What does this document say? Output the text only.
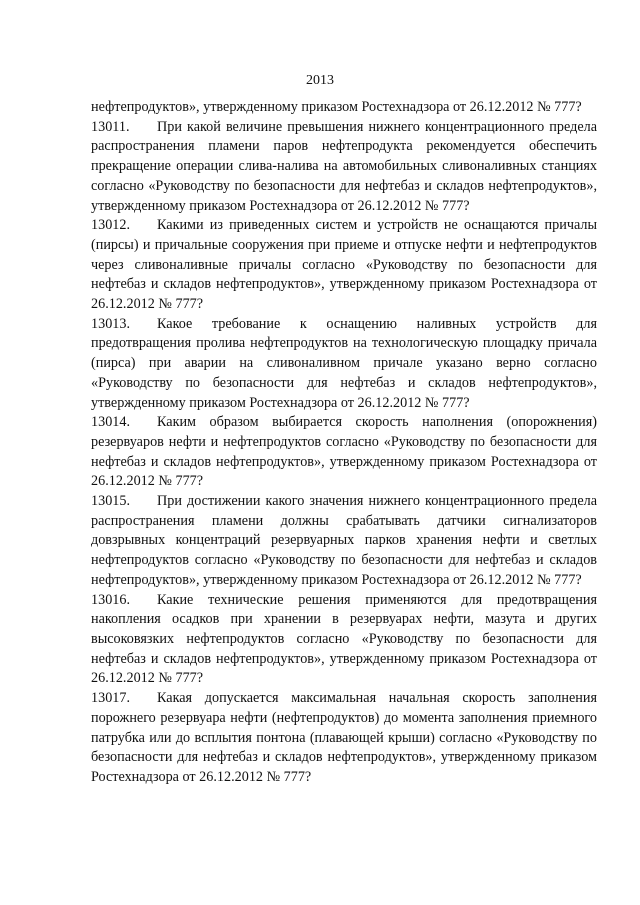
2013

нефтепродуктов», утвержденному приказом Ростехнадзора от 26.12.2012 № 777?

13011. При какой величине превышения нижнего концентрационного предела распространения пламени паров нефтепродукта рекомендуется обеспечить прекращение операции слива-налива на автомобильных сливоналивных станциях согласно «Руководству по безопасности для нефтебаз и складов нефтепродуктов», утвержденному приказом Ростехнадзора от 26.12.2012 № 777?

13012. Какими из приведенных систем и устройств не оснащаются причалы (пирсы) и причальные сооружения при приеме и отпуске нефти и нефтепродуктов через сливоналивные причалы согласно «Руководству по безопасности для нефтебаз и складов нефтепродуктов», утвержденному приказом Ростехнадзора от 26.12.2012 № 777?

13013. Какое требование к оснащению наливных устройств для предотвращения пролива нефтепродуктов на технологическую площадку причала (пирса) при аварии на сливоналивном причале указано верно согласно «Руководству по безопасности для нефтебаз и складов нефтепродуктов», утвержденному приказом Ростехнадзора от 26.12.2012 № 777?

13014. Каким образом выбирается скорость наполнения (опорожнения) резервуаров нефти и нефтепродуктов согласно «Руководству по безопасности для нефтебаз и складов нефтепродуктов», утвержденному приказом Ростехнадзора от 26.12.2012 № 777?

13015. При достижении какого значения нижнего концентрационного предела распространения пламени должны срабатывать датчики сигнализаторов довзрывных концентраций резервуарных парков хранения нефти и светлых нефтепродуктов согласно «Руководству по безопасности для нефтебаз и складов нефтепродуктов», утвержденному приказом Ростехнадзора от 26.12.2012 № 777?

13016. Какие технические решения применяются для предотвращения накопления осадков при хранении в резервуарах нефти, мазута и других высоковязких нефтепродуктов согласно «Руководству по безопасности для нефтебаз и складов нефтепродуктов», утвержденному приказом Ростехнадзора от 26.12.2012 № 777?

13017. Какая допускается максимальная начальная скорость заполнения порожнего резервуара нефти (нефтепродуктов) до момента заполнения приемного патрубка или до всплытия понтона (плавающей крыши) согласно «Руководству по безопасности для нефтебаз и складов нефтепродуктов», утвержденному приказом Ростехнадзора от 26.12.2012 № 777?
